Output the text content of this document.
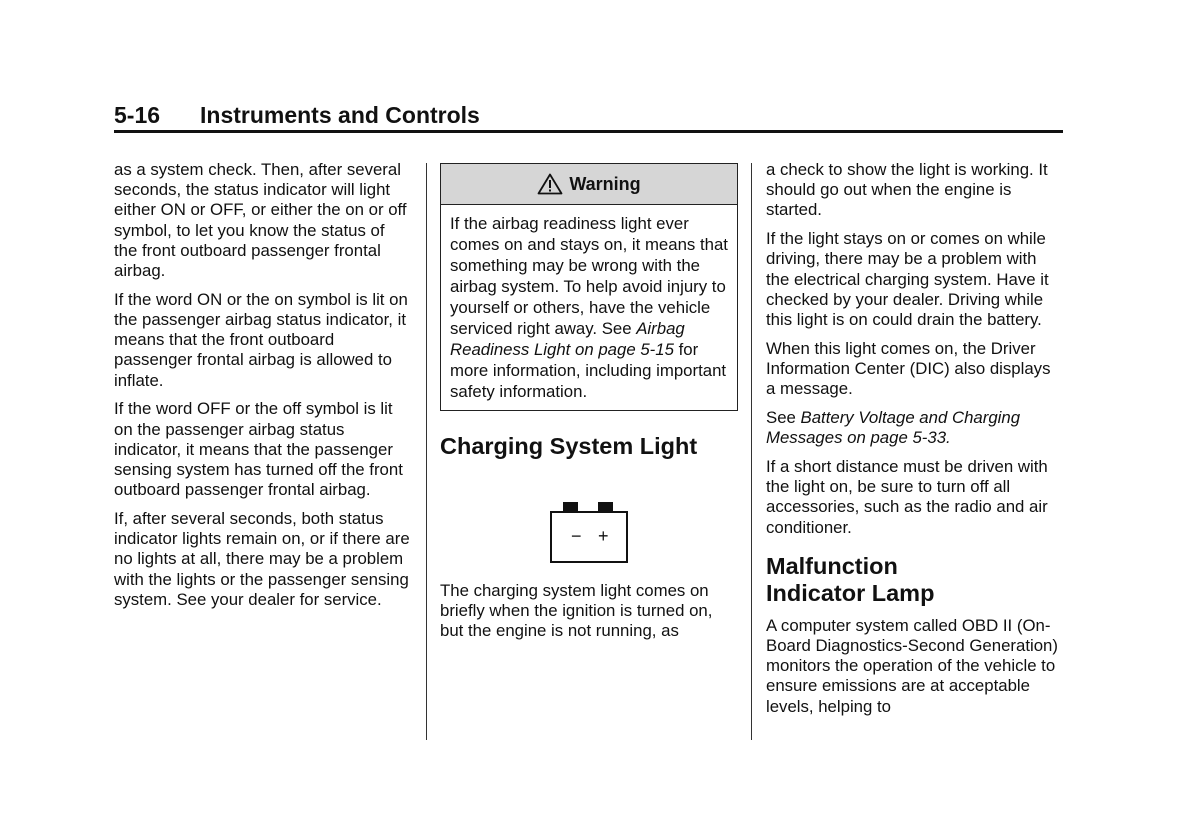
5-16 Instruments and Controls

as a system check. Then, after several seconds, the status indicator will light either ON or OFF, or either the on or off symbol, to let you know the status of the front outboard passenger frontal airbag.

If the word ON or the on symbol is lit on the passenger airbag status indicator, it means that the front outboard passenger frontal airbag is allowed to inflate.

If the word OFF or the off symbol is lit on the passenger airbag status indicator, it means that the passenger sensing system has turned off the front outboard passenger frontal airbag.

If, after several seconds, both status indicator lights remain on, or if there are no lights at all, there may be a problem with the lights or the passenger sensing system. See your dealer for service.

Warning
If the airbag readiness light ever comes on and stays on, it means that something may be wrong with the airbag system. To help avoid injury to yourself or others, have the vehicle serviced right away. See Airbag Readiness Light on page 5-15 for more information, including important safety information.
Charging System Light
− +

The charging system light comes on briefly when the ignition is turned on, but the engine is not running, as

a check to show the light is working. It should go out when the engine is started.

If the light stays on or comes on while driving, there may be a problem with the electrical charging system. Have it checked by your dealer. Driving while this light is on could drain the battery.

When this light comes on, the Driver Information Center (DIC) also displays a message.

See Battery Voltage and Charging Messages on page 5-33.

If a short distance must be driven with the light on, be sure to turn off all accessories, such as the radio and air conditioner.

Malfunction
Indicator Lamp

A computer system called OBD II (On-Board Diagnostics-Second Generation) monitors the operation of the vehicle to ensure emissions are at acceptable levels, helping to
